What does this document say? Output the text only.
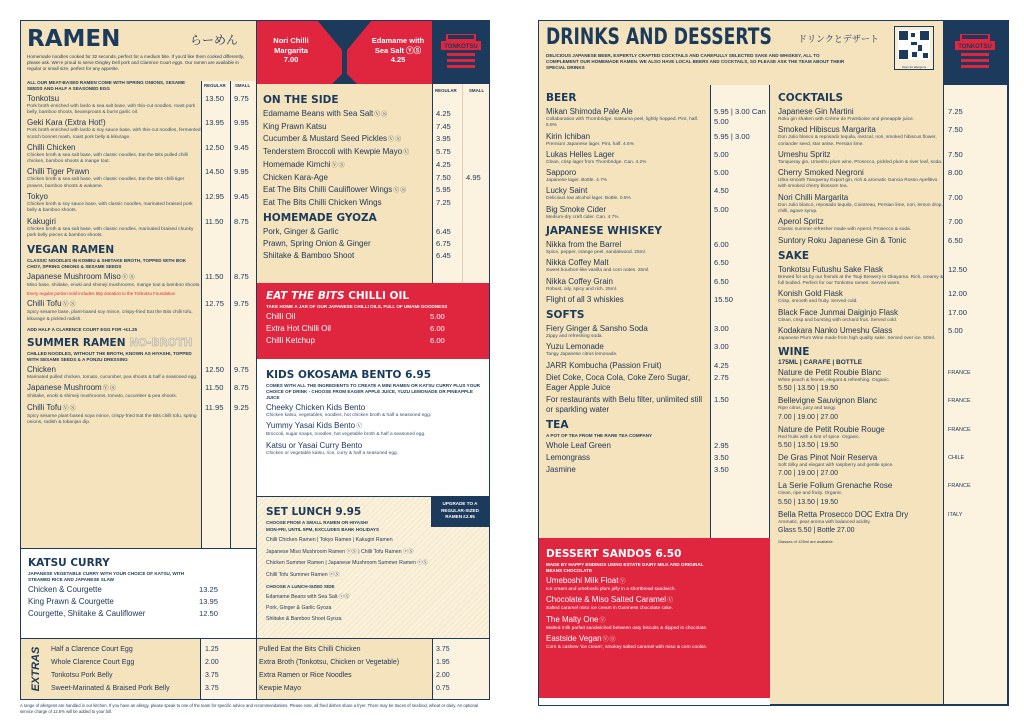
REGULAR SMALL
RAMEN	らーめん
Homemade noodles cooked for 32 seconds, perfect for a medium bite. If you'd like them cooked differently, please ask. We're proud to serve Dingley Dell pork and Clarence Court eggs. Our ramen are available in regular or small size, perfect for any appetite.
ALL OUR MEAT-BASED RAMEN COME WITH SPRING ONIONS, SESAME SEEDS AND HALF A SEASONED EGG
Tonkotsu
Pork broth enriched with lardo & sea salt base, with thin-cut noodles, roast pork belly, bamboo shoots, beansprouts & burnt garlic oil.
13.50	9.75
Geki Kara (Extra Hot!)
Pork broth enriched with lardo & soy sauce base, with thin-cut noodles, fermented scotch bonnet mash, roast pork belly & kikurage.
13.95	9.95
Chilli Chicken
Chicken broth & sea salt base, with classic noodles, Eat the Bits pulled chilli chicken, bamboo shoots & mange tout.
12.50	9.45
Chilli Tiger Prawn
Chicken broth & sea salt base, with classic noodles, Eat the Bits chilli tiger prawns, bamboo shoots & wakame.
14.50	9.95
Tokyo
Chicken broth & soy sauce base, with classic noodles, marinated braised pork belly & bamboo shoots.
12.95	9.45
Kakugiri
Chicken broth & sea salt base, with classic noodles, marinated braised chunky pork belly pieces & bamboo shoots.
11.50	8.75
VEGAN RAMEN
CLASSIC NOODLES IN KOMBU & SHIITAKE BROTH, TOPPED WITH BOK CHOY, SPRING ONIONS & SESAME SEEDS
Japanese Mushroom MisoⓋⓈ
Miso base, shiitake, enoki and shimeji mushrooms, mange tout & bamboo shoots.
11.50	8.75
Every regular portion sold includes 50p donation to the Tonkotsu Foundation
Chilli TofuⓋⓈ
Spicy sesame base, plant-based soy mince, crispy-fried Eat the Bits chilli tofu, kikurage & pickled radish.
12.75	9.75
ADD HALF A CLARENCE COURT EGG FOR +£1.25
SUMMER RAMEN NO-BROTH
CHILLED NOODLES, WITHOUT THE BROTH, KNOWN AS HIYASHI, TOPPED WITH SESAME SEEDS & A PONZU DRESSING
Chicken
Marinated pulled chicken, tomato, cucumber, pea shoots & half a seasoned egg.
12.50	9.75
Japanese MushroomⓋⓈ
Shiitake, enoki & shimeji mushrooms, tomato, cucumber & pea shoots.
11.50	8.75
Chilli TofuⓋⓈ
Spicy sesame plant-based soya mince, crispy-fried Eat the Bits chilli tofu, spring onions, radish & tobanjan dip.
11.95	9.25
KATSU CURRY
JAPANESE VEGETABLE CURRY WITH YOUR CHOICE OF KATSU, WITH STEAMED RICE AND JAPANESE SLAW
Chicken & Courgette	13.25
King Prawn & Courgette	13.95
Courgette, Shiitake & Cauliflower	12.50
EXTRAS Half a Clarence Court Egg	1.25
Whole Clarence Court Egg	2.00
Tonkotsu Pork Belly	3.75
Sweet-Marinated & Braised Pork Belly	3.75
Pulled Eat the Bits Chilli Chicken	3.75
Extra Broth (Tonkotsu, Chicken or Vegetable)	1.95
Extra Ramen or Rice Noodles	2.00
Kewpie Mayo	0.75
A range of allergens are handled in our kitchen. If you have an allergy, please speak to one of the team for specific advice and recommendations. Please note, all fried dishes share a fryer. There may be traces of seafood, wheat or dairy. An optional service charge of 12.5% will be added to your bill.
Nori Chilli
Margarita
7.00
Edamame with
Sea Salt ⓥⓈ
4.25
TONKOTSU
REGULAR	SMALL
ON THE SIDE
Edamame Beans with Sea SaltⓋⓈ	4.25
King Prawn Katsu	7.45
Cucumber & Mustard Seed PicklesⓋⓈ	3.95
Tenderstem Broccoli with Kewpie MayoⓋ	5.75
Homemade KimchiⓋⓈ	4.25
Chicken Kara-Age	7.50	4.95
Eat The Bits Chilli Cauliflower WingsⓋⓈ	5.95
Eat The Bits Chilli Chicken Wings	7.25
HOMEMADE GYOZA
Pork, Ginger & Garlic	6.45
Prawn, Spring Onion & Ginger	6.75
Shiitake & Bamboo Shoot	6.45
EAT THE BITS CHILLI OIL
TAKE HOME A JAR OF OUR JAPANESE CHILLI OILS, FULL OF UMAMI GOODNESS
Chilli Oil	5.00
Extra Hot Chilli Oil	6.00
Chilli Ketchup	6.00
KIDS OKOSAMA BENTO 6.95
COMES WITH ALL THE INGREDIENTS TO CREATE A MINI RAMEN OR KATSU CURRY PLUS YOUR CHOICE OF DRINK - CHOOSE FROM EAGER APPLE JUICE, YUZU LEMONADE OR PINEAPPLE JUICE
Cheeky Chicken Kids Bento
Chicken katsu, vegetables, noodles, hot chicken broth & half a seasoned egg.
Yummy Yasai Kids BentoⓋ
Broccoli, sugar snaps, noodles, hot vegetable broth & half a seasoned egg.
Katsu or Yasai Curry Bento
Chicken or vegetable katsu, rice, curry & half a seasoned egg.
UPGRADE TO A REGULAR-SIZED RAMEN £2.95
SET LUNCH 9.95
CHOOSE FROM A SMALL RAMEN OR HIYASHI
MON-FRI, UNTIL 5PM, EXCLUDES BANK HOLIDAYS
Chilli Chicken Ramen | Tokyo Ramen | Kakugiri Ramen
Japanese Miso Mushroom Ramen ⓥⓈ | Chilli Tofu Ramen ⓥⓈ
Chicken Summer Ramen | Japanese Mushroom Summer Ramen ⓥⓈ
Chilli Tofu Summer Ramen ⓥⓈ
CHOOSE A LUNCH-SIZED SIDE
Edamame Beans with Sea Salt ⓥⓈ
Pork, Ginger & Garlic Gyoza
Shiitake & Bamboo Shoot Gyoza
DRINKS AND DESSERTS	ドリンクとデザート
DELICIOUS JAPANESE BEER, EXPERTLY CRAFTED COCKTAILS AND CAREFULLY SELECTED SAKE AND WHISKEY, ALL TO COMPLEMENT OUR HOMEMADE RAMEN. WE ALSO HAVE LOCAL BEERS AND COCKTAILS, SO PLEASE ASK THE TEAM ABOUT THEIR SPECIAL DRINKS	Scan for allergens
TONKOTSU
BEER
Mikan Shimoda Pale Ale
Collaboration with Thornbridge. Satsuma peel, lightly hopped. Pint, half. 5.8%
5.95 | 3.00 Can 5.00
Kirin Ichiban
Premium Japanese lager. Pint, half. 4.6%
5.95 | 3.00
Lukas Helles Lager
Clean, crisp lager from Thornbridge. Can. 4.2%
5.00
Sapporo
Japanese lager. Bottle. 4.7%
5.00
Lucky Saint
Delicious low alcohol lager. Bottle. 0.5%
4.50
Big Smoke Cider
Medium-dry craft cider. Can. 4.7%
5.00
JAPANESE WHISKEY
Nikka from the Barrel
Spice, pepper, orange peel, sandalwood. 25ml.
6.00
Nikka Coffey Malt
Sweet bourbon-like vanilla and corn notes. 25ml.
6.50
Nikka Coffey Grain
Robust, oily, spicy and rich. 25ml.
6.50
Flight of all 3 whiskies	15.50
SOFTS
Fiery Ginger & Sansho Soda
Zippy and refreshing soda.
3.00
Yuzu Lemonade
Tangy Japanese citrus lemonade.
3.00
JARR Kombucha (Passion Fruit)	4.25
Diet Coke, Coca Cola, Coke Zero Sugar, Eager Apple Juice
2.75
For restaurants with Belu filter, unlimited still or sparkling water
1.50
TEA
A POT OF TEA FROM THE RARE TEA COMPANY
Whole Leaf Green	2.95
Lemongrass	3.50
Jasmine	3.50
DESSERT SANDOS 6.50
MADE BY HAPPY ENDINGS USING ESTATE DAIRY MILK AND ORIGINAL BEANS CHOCOLATE
Umeboshi Milk FloatⓋ
Ice cream and umeboshi plum jelly in a shortbread sandwich.
Chocolate & Miso Salted CaramelⓋ
Salted caramel miso ice cream in Guinness chocolate cake.
The Malty OneⓋ
Malted milk parfait sandwiched between oaty biscuits & dipped in chocolate.
Eastside VeganⓋⓈ
Corn & cashew 'ice cream', smokey salted caramel with miso & corn cookie.
COCKTAILS
Japanese Gin Martini
Roku gin shaken with Crème de Framboise and pineapple juice.
7.25
Smoked Hibiscus Margarita
Don Julio blanco & reposado tequila, mezcal, nori, smoked hibiscus flower, coriander seed, star anise, Persian lime.
7.50
Umeshu Spritz
Tanqueray gin, Umeshu plum wine, Prosecco, pickled plum & river leaf, soda.
7.50
Cherry Smoked Negroni
Ultra smooth Tanqueray Export gin, rich & aromatic Gancia Rosso Apefitivo with smoked cherry blossom tea.
8.00
Nori Chilli Margarita
Don Julio blanco, reposado tequila, Cointreau, Persian lime, nori, lemon drop, chilli, agave syrup.
7.00
Aperol Spritz
Classic summer refresher made with Aperol, Prosecco & soda.
7.00
Suntory Roku Japanese Gin & Tonic	6.50
SAKE
Tonkotsu Futushu Sake Flask
Brewed for us by our friends at the Tsuji Brewery in Okayama. Rich, creamy & full bodied. Perfect for our Tonkotsu ramen. Served warm.
12.50
Konish Gold Flask
Crisp, smooth and fruity. Served cold.
12.00
Black Face Junmai Daiginjo Flask
Clean, crisp and bursting with orchard fruit. Served cold.
17.00
Kodakara Nanko Umeshu Glass
Japanese Plum Wine made from high quality sake. Served over ice. 50ml.
5.00
WINE
175ML | CARAFE | BOTTLE
Nature de Petit Roubie Blanc
White peach & fennel, elegant & refreshing. Organic.
5.50 | 13.50 | 19.50
FRANCE
Bellevigne Sauvignon Blanc
Ripe citrus, juicy and tangy.
7.00 | 19.00 | 27.00
FRANCE
Nature de Petit Roubie Rouge
Red fruits with a hint of spice. Organic.
5.50 | 13.50 | 19.50
FRANCE
De Gras Pinot Noir Reserva
Soft Silky and elegant with raspberry and gentle spice.
7.00 | 19.00 | 27.00
CHILE
La Serie Folium Grenache Rose
Clean, ripe and fruity. Organic.
5.50 | 13.50 | 19.50
FRANCE
Bella Retta Prosecco DOC Extra Dry
Aromatic, pear aroma with balanced acidity.
Glass 5.50 | Bottle 27.00
ITALY
Glasses of 125ml are available
